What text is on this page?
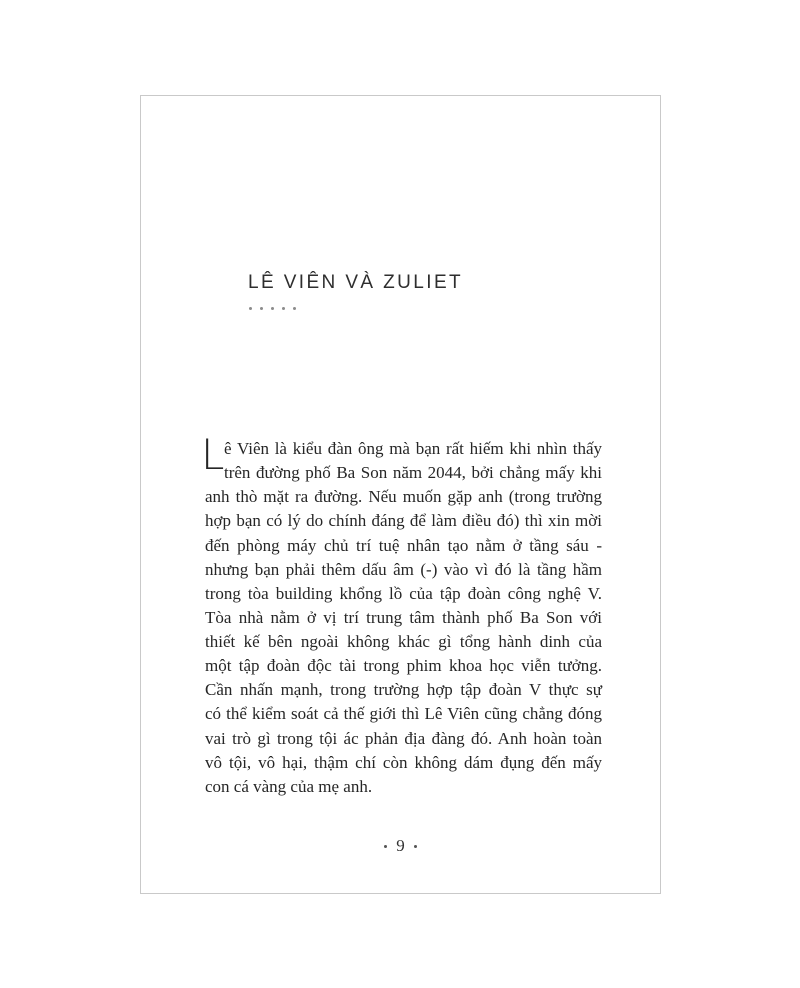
LÊ VIÊN VÀ ZULIET
L ê Viên là kiểu đàn ông mà bạn rất hiếm khi nhìn thấy
trên đường phố Ba Son năm 2044, bởi chẳng mấy khi
anh thò mặt ra đường. Nếu muốn gặp anh (trong trường
hợp bạn có lý do chính đáng để làm điều đó) thì xin mời
đến phòng máy chủ trí tuệ nhân tạo nằm ở tầng sáu -
nhưng bạn phải thêm dấu âm (-) vào vì đó là tầng hầm
trong tòa building khổng lồ của tập đoàn công nghệ V.
Tòa nhà nằm ở vị trí trung tâm thành phố Ba Son với
thiết kế bên ngoài không khác gì tổng hành dinh của
một tập đoàn độc tài trong phim khoa học viễn tưởng.
Cần nhấn mạnh, trong trường hợp tập đoàn V thực sự
có thể kiểm soát cả thế giới thì Lê Viên cũng chẳng đóng
vai trò gì trong tội ác phản địa đàng đó. Anh hoàn toàn
vô tội, vô hại, thậm chí còn không dám đụng đến mấy
con cá vàng của mẹ anh.
9
